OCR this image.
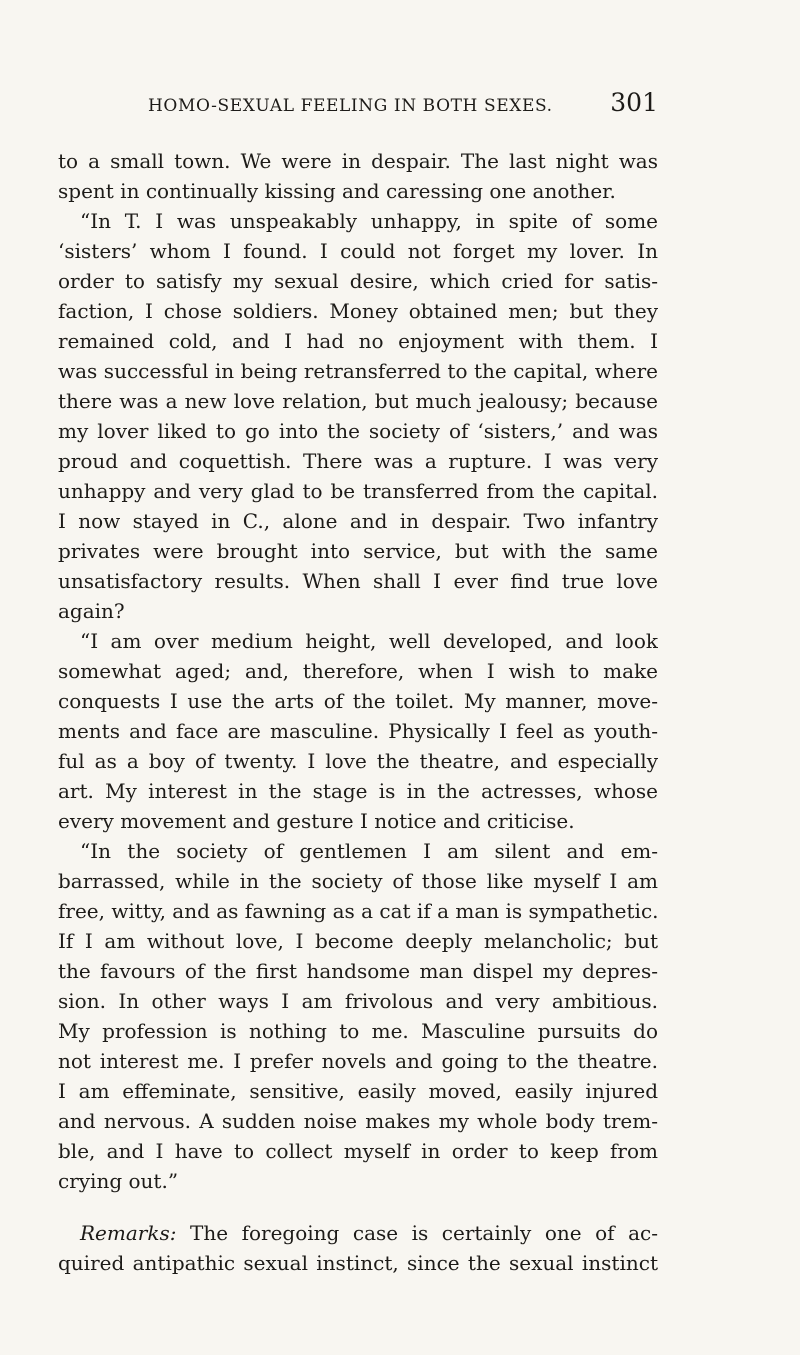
HOMO-SEXUAL FEELING IN BOTH SEXES. 301
to a small town. We were in despair. The last night was
spent in continually kissing and caressing one another.
“In T. I was unspeakably unhappy, in spite of some
‘sisters’ whom I found. I could not forget my lover. In
order to satisfy my sexual desire, which cried for satis-
faction, I chose soldiers. Money obtained men; but they
remained cold, and I had no enjoyment with them. I
was successful in being retransferred to the capital, where
there was a new love relation, but much jealousy; because
my lover liked to go into the society of ‘sisters,’ and was
proud and coquettish. There was a rupture. I was very
unhappy and very glad to be transferred from the capital.
I now stayed in C., alone and in despair. Two infantry
privates were brought into service, but with the same
unsatisfactory results. When shall I ever find true love
again?
“I am over medium height, well developed, and look
somewhat aged; and, therefore, when I wish to make
conquests I use the arts of the toilet. My manner, move-
ments and face are masculine. Physically I feel as youth-
ful as a boy of twenty. I love the theatre, and especially
art. My interest in the stage is in the actresses, whose
every movement and gesture I notice and criticise.
“In the society of gentlemen I am silent and em-
barrassed, while in the society of those like myself I am
free, witty, and as fawning as a cat if a man is sympathetic.
If I am without love, I become deeply melancholic; but
the favours of the first handsome man dispel my depres-
sion. In other ways I am frivolous and very ambitious.
My profession is nothing to me. Masculine pursuits do
not interest me. I prefer novels and going to the theatre.
I am effeminate, sensitive, easily moved, easily injured
and nervous. A sudden noise makes my whole body trem-
ble, and I have to collect myself in order to keep from
crying out.”
Remarks: The foregoing case is certainly one of ac-
quired antipathic sexual instinct, since the sexual instinct
